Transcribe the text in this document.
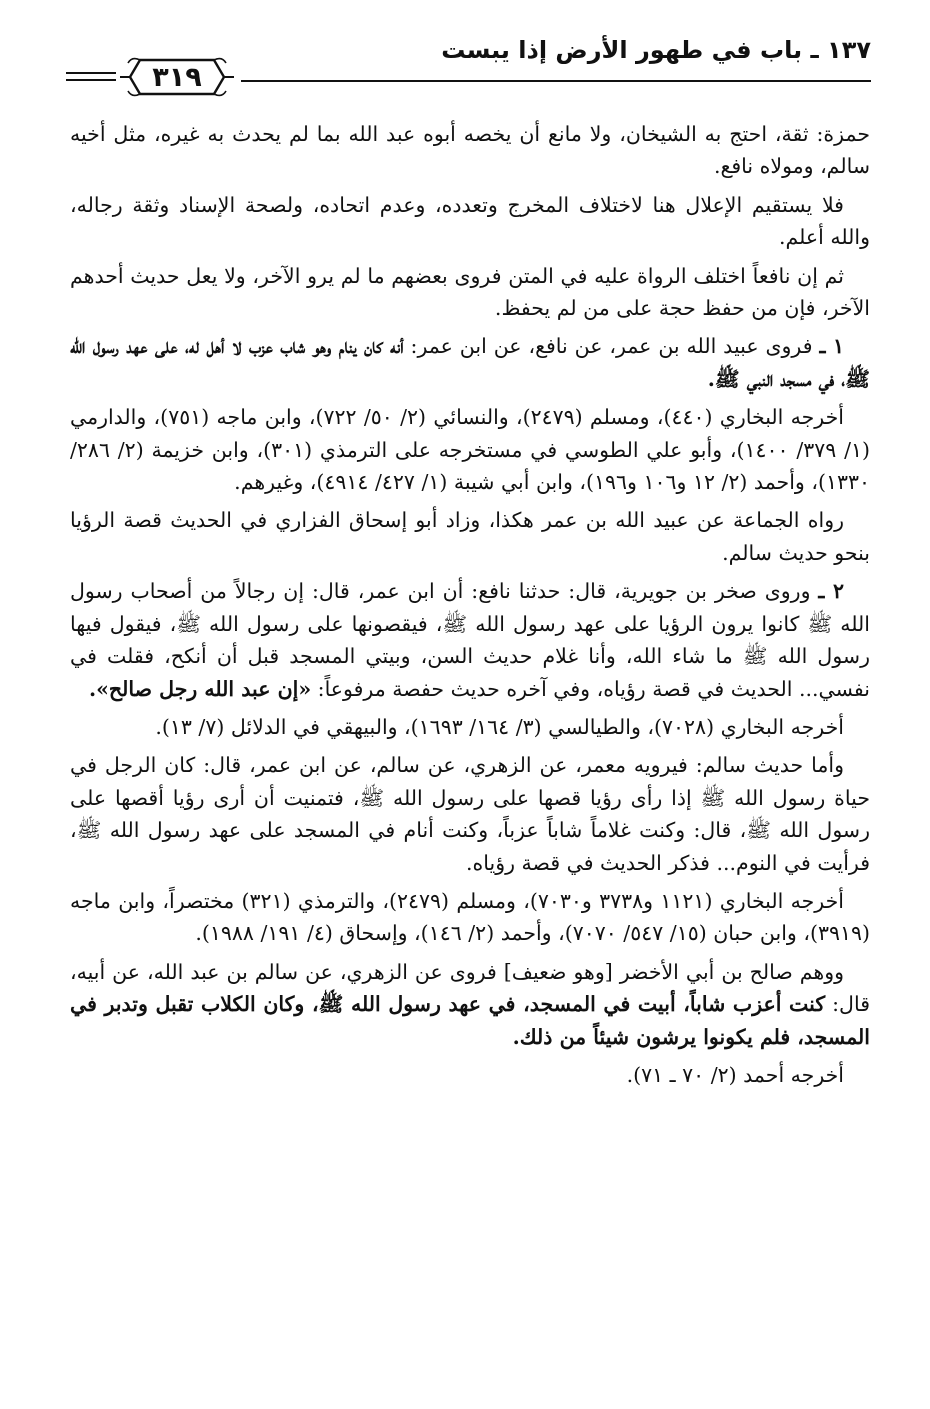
١٣٧ ـ باب في طهور الأرض إذا يبست
٣١٩

حمزة: ثقة، احتج به الشيخان، ولا مانع أن يخصه أبوه عبد الله بما لم يحدث به غيره، مثل أخيه سالم، ومولاه نافع.

فلا يستقيم الإعلال هنا لاختلاف المخرج وتعدده، وعدم اتحاده، ولصحة الإسناد وثقة رجاله، والله أعلم.

ثم إن نافعاً اختلف الرواة عليه في المتن فروى بعضهم ما لم يرو الآخر، ولا يعل حديث أحدهم الآخر، فإن من حفظ حجة على من لم يحفظ.

١ ـ فروى عبيد الله بن عمر، عن نافع، عن ابن عمر: أنه كان ينام وهو شاب عزب لا أهل له، على عهد رسول الله ﷺ، في مسجد النبي ﷺ.

أخرجه البخاري (٤٤٠)، ومسلم (٢٤٧٩)، والنسائي (٢/ ٥٠/ ٧٢٢)، وابن ماجه (٧٥١)، والدارمي (١/ ٣٧٩/ ١٤٠٠)، وأبو علي الطوسي في مستخرجه على الترمذي (٣٠١)، وابن خزيمة (٢/ ٢٨٦/ ١٣٣٠)، وأحمد (٢/ ١٢ و١٠٦ و١٩٦)، وابن أبي شيبة (١/ ٤٢٧/ ٤٩١٤)، وغيرهم.

رواه الجماعة عن عبيد الله بن عمر هكذا، وزاد أبو إسحاق الفزاري في الحديث قصة الرؤيا بنحو حديث سالم.

٢ ـ وروى صخر بن جويرية، قال: حدثنا نافع: أن ابن عمر، قال: إن رجالاً من أصحاب رسول الله ﷺ كانوا يرون الرؤيا على عهد رسول الله ﷺ، فيقصونها على رسول الله ﷺ، فيقول فيها رسول الله ﷺ ما شاء الله، وأنا غلام حديث السن، وبيتي المسجد قبل أن أنكح، فقلت في نفسي... الحديث في قصة رؤياه، وفي آخره حديث حفصة مرفوعاً: «إن عبد الله رجل صالح».

أخرجه البخاري (٧٠٢٨)، والطيالسي (٣/ ١٦٤/ ١٦٩٣)، والبيهقي في الدلائل (٧/ ١٣).

وأما حديث سالم: فيرويه معمر، عن الزهري، عن سالم، عن ابن عمر، قال: كان الرجل في حياة رسول الله ﷺ إذا رأى رؤيا قصها على رسول الله ﷺ، فتمنيت أن أرى رؤيا أقصها على رسول الله ﷺ، قال: وكنت غلاماً شاباً عزباً، وكنت أنام في المسجد على عهد رسول الله ﷺ، فرأيت في النوم... فذكر الحديث في قصة رؤياه.

أخرجه البخاري (١١٢١ و٣٧٣٨ و٧٠٣٠)، ومسلم (٢٤٧٩)، والترمذي (٣٢١) مختصراً، وابن ماجه (٣٩١٩)، وابن حبان (١٥/ ٥٤٧/ ٧٠٧٠)، وأحمد (٢/ ١٤٦)، وإسحاق (٤/ ١٩١/ ١٩٨٨).

ووهم صالح بن أبي الأخضر [وهو ضعيف] فروى عن الزهري، عن سالم بن عبد الله، عن أبيه، قال: كنت أعزب شاباً، أبيت في المسجد، في عهد رسول الله ﷺ، وكان الكلاب تقبل وتدبر في المسجد، فلم يكونوا يرشون شيئاً من ذلك.

أخرجه أحمد (٢/ ٧٠ ـ ٧١).
